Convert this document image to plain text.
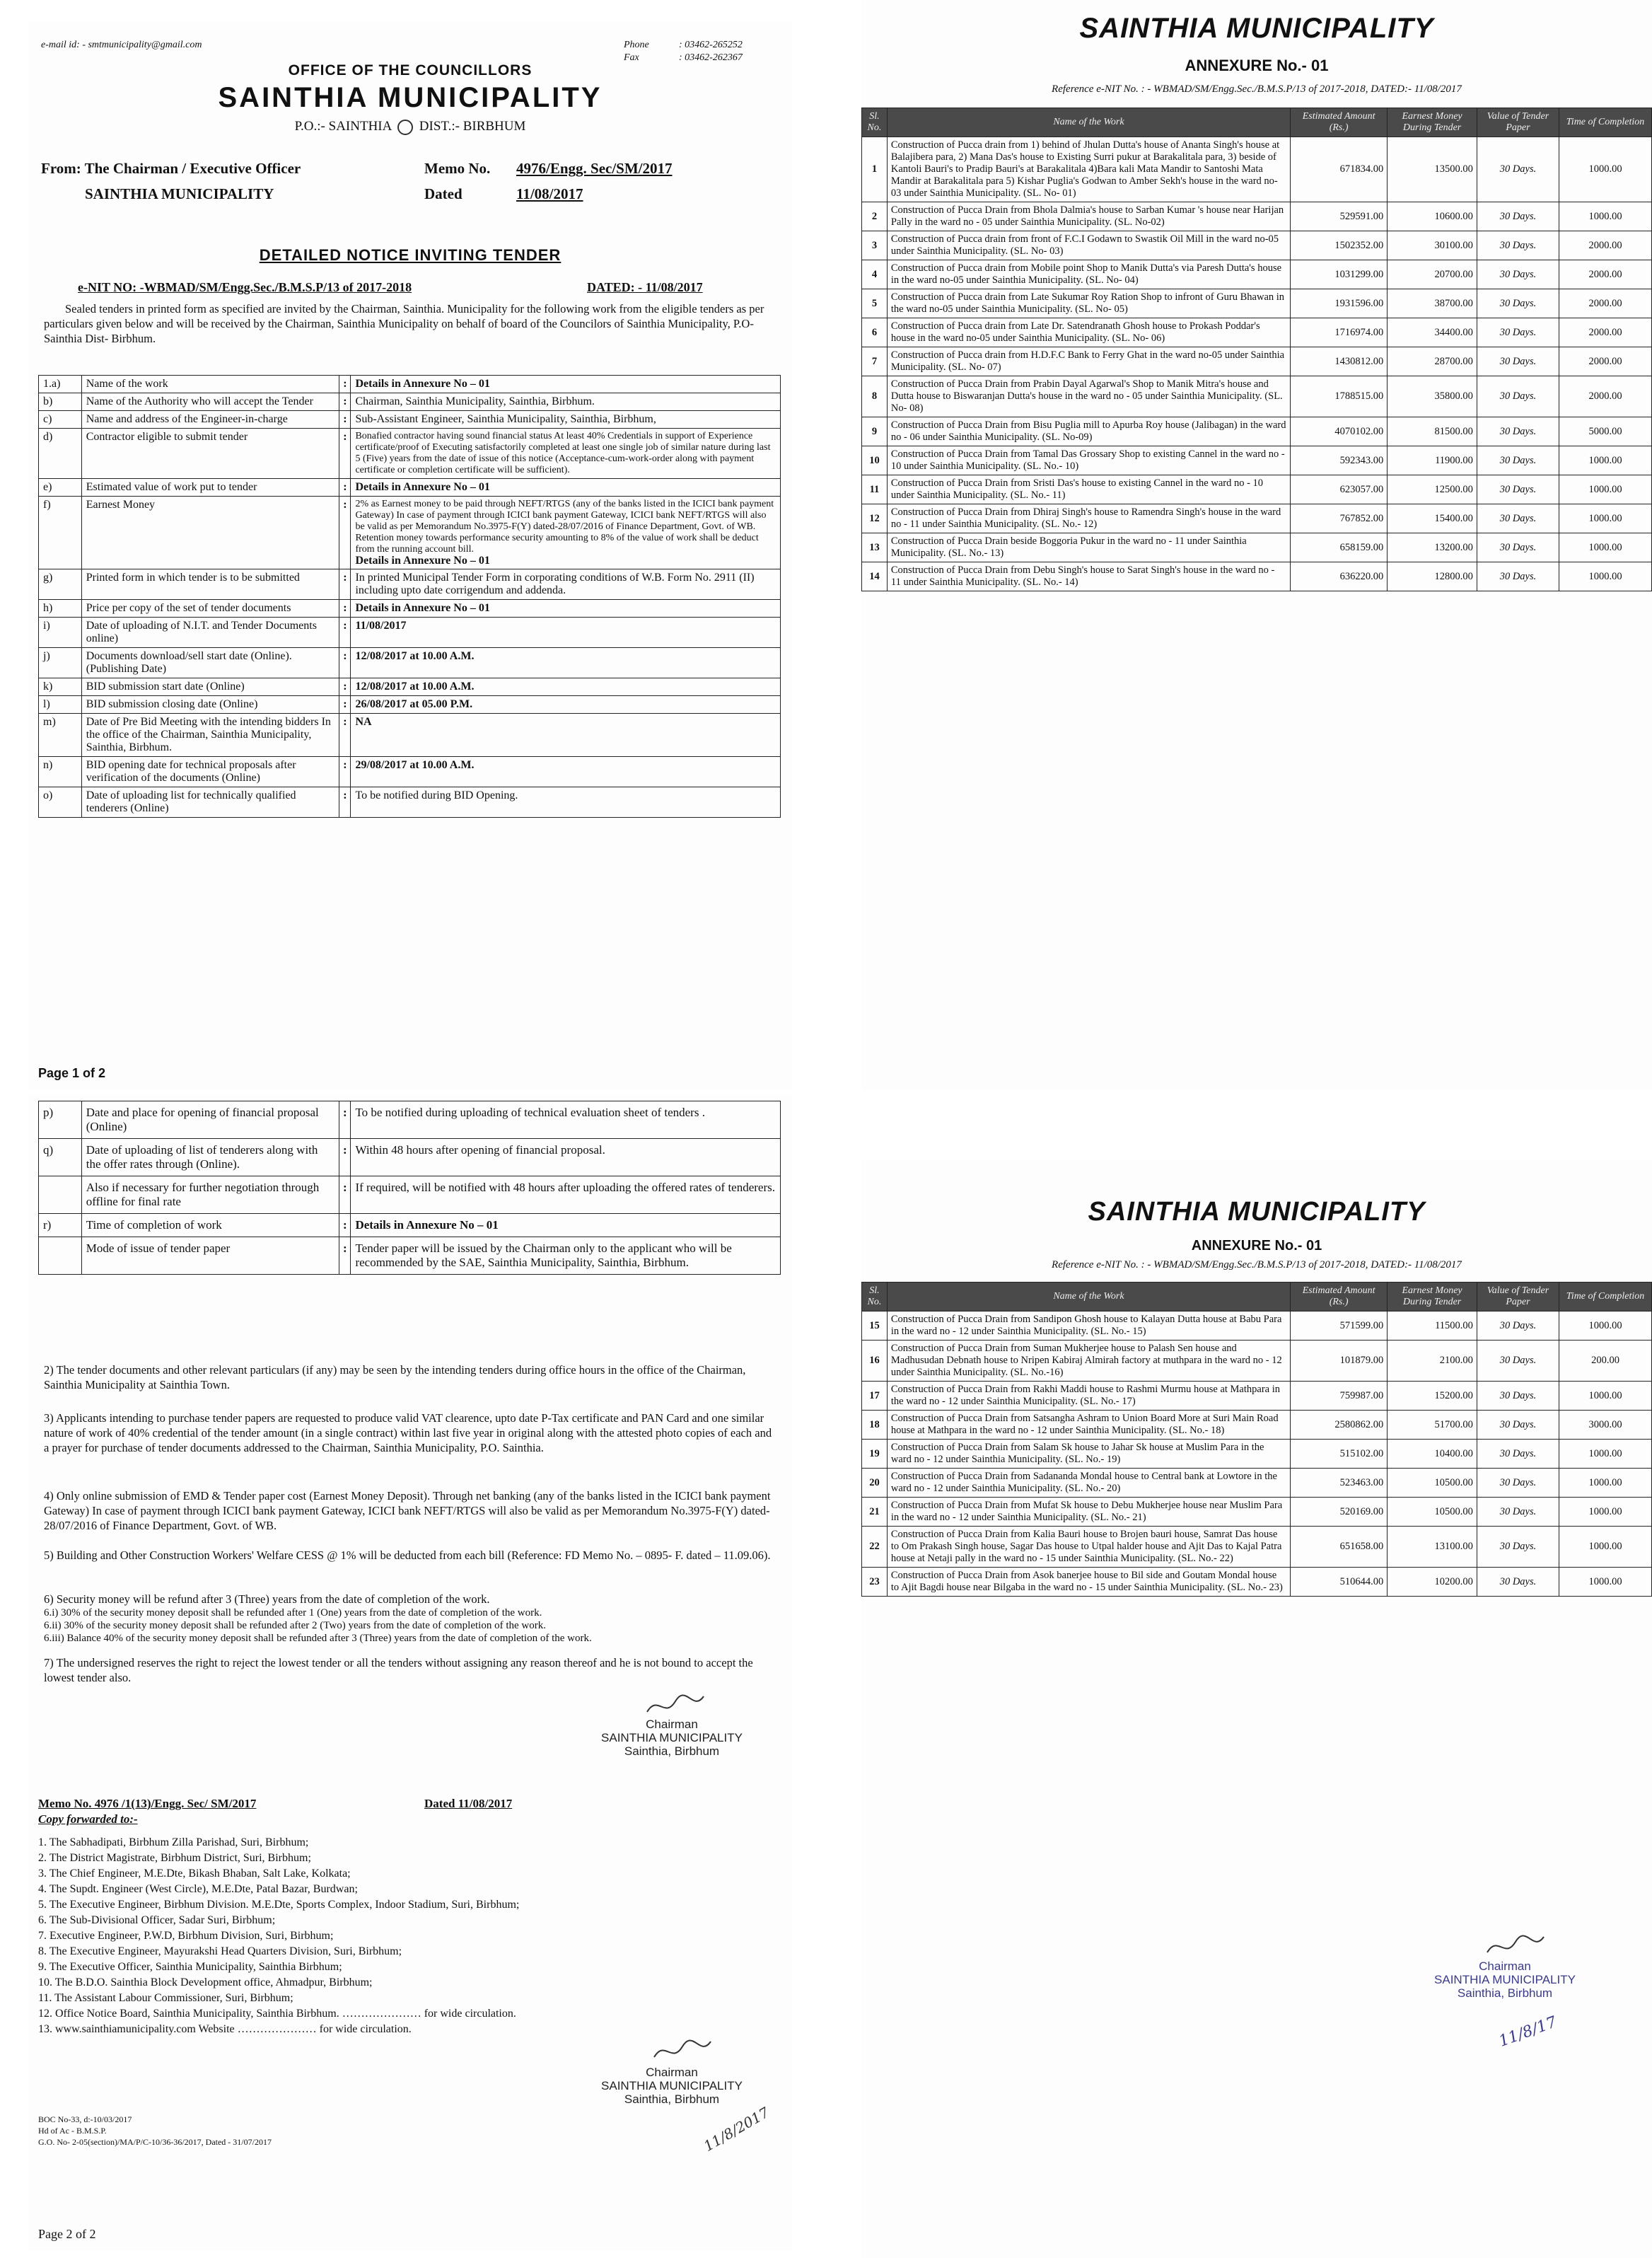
e-mail id: - smtmunicipality@gmail.com	Phone	: 03462-265252
Fax	: 03462-262367
OFFICE OF THE COUNCILLORS
SAINTHIA MUNICIPALITY
P.O.:- SAINTHIA DIST.:- BIRBHUM
From: The Chairman / Executive Officer	Memo No. 4976/Engg. Sec/SM/2017
SAINTHIA MUNICIPALITY	Dated	11/08/2017
DETAILED NOTICE INVITING TENDER
e-NIT NO: -WBMAD/SM/Engg.Sec./B.M.S.P/13 of 2017-2018	DATED: - 11/08/2017
Sealed tenders in printed form as specified are invited by the Chairman, Sainthia. Municipality for the following work from the eligible tenders as per particulars given below and will be received by the Chairman, Sainthia Municipality on behalf of board of the Councilors of Sainthia Municipality, P.O- Sainthia Dist- Birbhum.
1.a)	Name of the work	:	Details in Annexure No – 01

b)	Name of the Authority who will accept the Tender	:	Chairman, Sainthia Municipality, Sainthia, Birbhum.

c)	Name and address of the Engineer-in-charge	:	Sub-Assistant Engineer, Sainthia Municipality, Sainthia, Birbhum,

d)	Contractor eligible to submit tender	:	Bonafied contractor having sound financial status At least 40% Credentials in support of Experience certificate/proof of Executing satisfactorily completed at least one single job of similar nature during last 5 (Five) years from the date of issue of this notice (Acceptance-cum-work-order along with payment certificate or completion certificate will be sufficient).

e)	Estimated value of work put to tender	:	Details in Annexure No – 01

f)	Earnest Money	:	2% as Earnest money to be paid through NEFT/RTGS (any of the banks listed in the ICICI bank payment Gateway) In case of payment through ICICI bank payment Gateway, ICICI bank NEFT/RTGS will also be valid as per Memorandum No.3975-F(Y) dated-28/07/2016 of Finance Department, Govt. of WB. Retention money towards performance security amounting to 8% of the value of work shall be deduct from the running account bill.
Details in Annexure No – 01

g)	Printed form in which tender is to be submitted	:	In printed Municipal Tender Form in corporating conditions of W.B. Form No. 2911 (II) including upto date corrigendum and addenda.

h)	Price per copy of the set of tender documents	:	Details in Annexure No – 01

i)	Date of uploading of N.I.T. and Tender Documents online)	:	11/08/2017

j)	Documents download/sell start date (Online). (Publishing Date)	:	12/08/2017 at 10.00 A.M.

k)	BID submission start date (Online)	:	12/08/2017 at 10.00 A.M.

l)	BID submission closing date (Online)	:	26/08/2017 at 05.00 P.M.

m)	Date of Pre Bid Meeting with the intending bidders In the office of the Chairman, Sainthia Municipality, Sainthia, Birbhum.	:	NA

n)	BID opening date for technical proposals after verification of the documents (Online)	:	29/08/2017 at 10.00 A.M.

o)	Date of uploading list for technically qualified tenderers (Online)	:	To be notified during BID Opening.
Page 1 of 2
p)	Date and place for opening of financial proposal (Online)	:	To be notified during uploading of technical evaluation sheet of tenders .
q)	Date of uploading of list of tenderers along with the offer rates through (Online).	:	Within 48 hours after opening of financial proposal.
	Also if necessary for further negotiation through offline for final rate	:	If required, will be notified with 48 hours after uploading the offered rates of tenderers.
r)	Time of completion of work	:	Details in Annexure No – 01
	Mode of issue of tender paper	:	Tender paper will be issued by the Chairman only to the applicant who will be recommended by the SAE, Sainthia Municipality, Sainthia, Birbhum.
2) The tender documents and other relevant particulars (if any) may be seen by the intending tenders during office hours in the office of the Chairman, Sainthia Municipality at Sainthia Town.
3) Applicants intending to purchase tender papers are requested to produce valid VAT clearence, upto date P-Tax certificate and PAN Card and one similar nature of work of 40% credential of the tender amount (in a single contract) within last five year in original along with the attested photo copies of each and a prayer for purchase of tender documents addressed to the Chairman, Sainthia Municipality, P.O. Sainthia.
4) Only online submission of EMD & Tender paper cost (Earnest Money Deposit). Through net banking (any of the banks listed in the ICICI bank payment Gateway) In case of payment through ICICI bank payment Gateway, ICICI bank NEFT/RTGS will also be valid as per Memorandum No.3975-F(Y) dated-28/07/2016 of Finance Department, Govt. of WB.
5) Building and Other Construction Workers' Welfare CESS @ 1% will be deducted from each bill (Reference: FD Memo No. – 0895- F. dated – 11.09.06).
6) Security money will be refund after 3 (Three) years from the date of completion of the work.
6.i) 30% of the security money deposit shall be refunded after 1 (One) years from the date of completion of the work.
6.ii) 30% of the security money deposit shall be refunded after 2 (Two) years from the date of completion of the work.
6.iii) Balance 40% of the security money deposit shall be refunded after 3 (Three) years from the date of completion of the work.
7) The undersigned reserves the right to reject the lowest tender or all the tenders without assigning any reason thereof and he is not bound to accept the lowest tender also.
Chairman
SAINTHIA MUNICIPALITY
Sainthia, Birbhum
Memo No. 4976 /1(13)/Engg. Sec/ SM/2017	Dated 11/08/2017
Copy forwarded to:-
1. The Sabhadipati, Birbhum Zilla Parishad, Suri, Birbhum;
2. The District Magistrate, Birbhum District, Suri, Birbhum;
3. The Chief Engineer, M.E.Dte, Bikash Bhaban, Salt Lake, Kolkata;
4. The Supdt. Engineer (West Circle), M.E.Dte, Patal Bazar, Burdwan;
5. The Executive Engineer, Birbhum Division. M.E.Dte, Sports Complex, Indoor Stadium, Suri, Birbhum;
6. The Sub-Divisional Officer, Sadar Suri, Birbhum;
7. Executive Engineer, P.W.D, Birbhum Division, Suri, Birbhum;
8. The Executive Engineer, Mayurakshi Head Quarters Division, Suri, Birbhum;
9. The Executive Officer, Sainthia Municipality, Sainthia Birbhum;
10. The B.D.O. Sainthia Block Development office, Ahmadpur, Birbhum;
11. The Assistant Labour Commissioner, Suri, Birbhum;
12. Office Notice Board, Sainthia Municipality, Sainthia Birbhum. ………………… for wide circulation.
13. www.sainthiamunicipality.com Website ………………… for wide circulation.
Chairman
SAINTHIA MUNICIPALITY
Sainthia, Birbhum
11/8/2017
BOC No-33, d:-10/03/2017
Hd of Ac - B.M.S.P.
G.O. No- 2-05(section)/MA/P/C-10/36-36/2017, Dated - 31/07/2017
Page 2 of 2
SAINTHIA MUNICIPALITY
ANNEXURE No.- 01
Reference e-NIT No. : - WBMAD/SM/Engg.Sec./B.M.S.P/13 of 2017-2018, DATED:- 11/08/2017
Sl. No.	Name of the Work	Estimated Amount (Rs.)	Earnest Money During Tender	Value of Tender Paper	Time of Completion
1	Construction of Pucca drain from 1) behind of Jhulan Dutta's house of Ananta Singh's house at Balajibera para, 2) Mana Das's house to Existing Surri pukur at Barakalitala para, 3) beside of Kantoli Bauri's to Pradip Bauri's at Barakalitala 4)Bara kali Mata Mandir to Santoshi Mata Mandir at Barakalitala para 5) Kishar Puglia's Godwan to Amber Sekh's house in the ward no-03 under Sainthia Municipality. (SL. No- 01)	671834.00	13500.00	30 Days.	1000.00
2	Construction of Pucca Drain from Bhola Dalmia's house to Sarban Kumar 's house near Harijan Pally in the ward no - 05 under Sainthia Municipality. (SL. No-02)	529591.00	10600.00	30 Days.	1000.00
3	Construction of Pucca drain from front of F.C.I Godawn to Swastik Oil Mill in the ward no-05 under Sainthia Municipality. (SL. No- 03)	1502352.00	30100.00	30 Days.	2000.00
4	Construction of Pucca drain from Mobile point Shop to Manik Dutta's via Paresh Dutta's house in the ward no-05 under Sainthia Municipality. (SL. No- 04)	1031299.00	20700.00	30 Days.	2000.00
5	Construction of Pucca drain from Late Sukumar Roy Ration Shop to infront of Guru Bhawan in the ward no-05 under Sainthia Municipality. (SL. No- 05)	1931596.00	38700.00	30 Days.	2000.00
6	Construction of Pucca drain from Late Dr. Satendranath Ghosh house to Prokash Poddar's house in the ward no-05 under Sainthia Municipality. (SL. No- 06)	1716974.00	34400.00	30 Days.	2000.00
7	Construction of Pucca drain from H.D.F.C Bank to Ferry Ghat in the ward no-05 under Sainthia Municipality. (SL. No- 07)	1430812.00	28700.00	30 Days.	2000.00
8	Construction of Pucca Drain from Prabin Dayal Agarwal's Shop to Manik Mitra's house and Dutta house to Biswaranjan Dutta's house in the ward no - 05 under Sainthia Municipality. (SL. No- 08)	1788515.00	35800.00	30 Days.	2000.00
9	Construction of Pucca Drain from Bisu Puglia mill to Apurba Roy house (Jalibagan) in the ward no - 06 under Sainthia Municipality. (SL. No-09)	4070102.00	81500.00	30 Days.	5000.00
10	Construction of Pucca Drain from Tamal Das Grossary Shop to existing Cannel in the ward no - 10 under Sainthia Municipality. (SL. No.- 10)	592343.00	11900.00	30 Days.	1000.00
11	Construction of Pucca Drain from Sristi Das's house to existing Cannel in the ward no - 10 under Sainthia Municipality. (SL. No.- 11)	623057.00	12500.00	30 Days.	1000.00
12	Construction of Pucca Drain from Dhiraj Singh's house to Ramendra Singh's house in the ward no - 11 under Sainthia Municipality. (SL. No.- 12)	767852.00	15400.00	30 Days.	1000.00
13	Construction of Pucca Drain beside Boggoria Pukur in the ward no - 11 under Sainthia Municipality. (SL. No.- 13)	658159.00	13200.00	30 Days.	1000.00
14	Construction of Pucca Drain from Debu Singh's house to Sarat Singh's house in the ward no - 11 under Sainthia Municipality. (SL. No.- 14)	636220.00	12800.00	30 Days.	1000.00
SAINTHIA MUNICIPALITY
ANNEXURE No.- 01
Reference e-NIT No. : - WBMAD/SM/Engg.Sec./B.M.S.P/13 of 2017-2018, DATED:- 11/08/2017
Sl. No.	Name of the Work	Estimated Amount (Rs.)	Earnest Money During Tender	Value of Tender Paper	Time of Completion
15	Construction of Pucca Drain from Sandipon Ghosh house to Kalayan Dutta house at Babu Para in the ward no - 12 under Sainthia Municipality. (SL. No.- 15)	571599.00	11500.00	30 Days.	1000.00
16	Construction of Pucca Drain from Suman Mukherjee house to Palash Sen house and Madhusudan Debnath house to Nripen Kabiraj Almirah factory at muthpara in the ward no - 12 under Sainthia Municipality. (SL. No.-16)	101879.00	2100.00	30 Days.	200.00
17	Construction of Pucca Drain from Rakhi Maddi house to Rashmi Murmu house at Mathpara in the ward no - 12 under Sainthia Municipality. (SL. No.- 17)	759987.00	15200.00	30 Days.	1000.00
18	Construction of Pucca Drain from Satsangha Ashram to Union Board More at Suri Main Road house at Mathpara in the ward no - 12 under Sainthia Municipality. (SL. No.- 18)	2580862.00	51700.00	30 Days.	3000.00
19	Construction of Pucca Drain from Salam Sk house to Jahar Sk house at Muslim Para in the ward no - 12 under Sainthia Municipality. (SL. No.- 19)	515102.00	10400.00	30 Days.	1000.00
20	Construction of Pucca Drain from Sadananda Mondal house to Central bank at Lowtore in the ward no - 12 under Sainthia Municipality. (SL. No.- 20)	523463.00	10500.00	30 Days.	1000.00
21	Construction of Pucca Drain from Mufat Sk house to Debu Mukherjee house near Muslim Para in the ward no - 12 under Sainthia Municipality. (SL. No.- 21)	520169.00	10500.00	30 Days.	1000.00
22	Construction of Pucca Drain from Kalia Bauri house to Brojen bauri house, Samrat Das house to Om Prakash Singh house, Sagar Das house to Utpal halder house and Ajit Das to Kajal Patra house at Netaji pally in the ward no - 15 under Sainthia Municipality. (SL. No.- 22)	651658.00	13100.00	30 Days.	1000.00
23	Construction of Pucca Drain from Asok banerjee house to Bil side and Goutam Mondal house to Ajit Bagdi house near Bilgaba in the ward no - 15 under Sainthia Municipality. (SL. No.- 23)	510644.00	10200.00	30 Days.	1000.00
Chairman
SAINTHIA MUNICIPALITY
Sainthia, Birbhum
11/8/17
